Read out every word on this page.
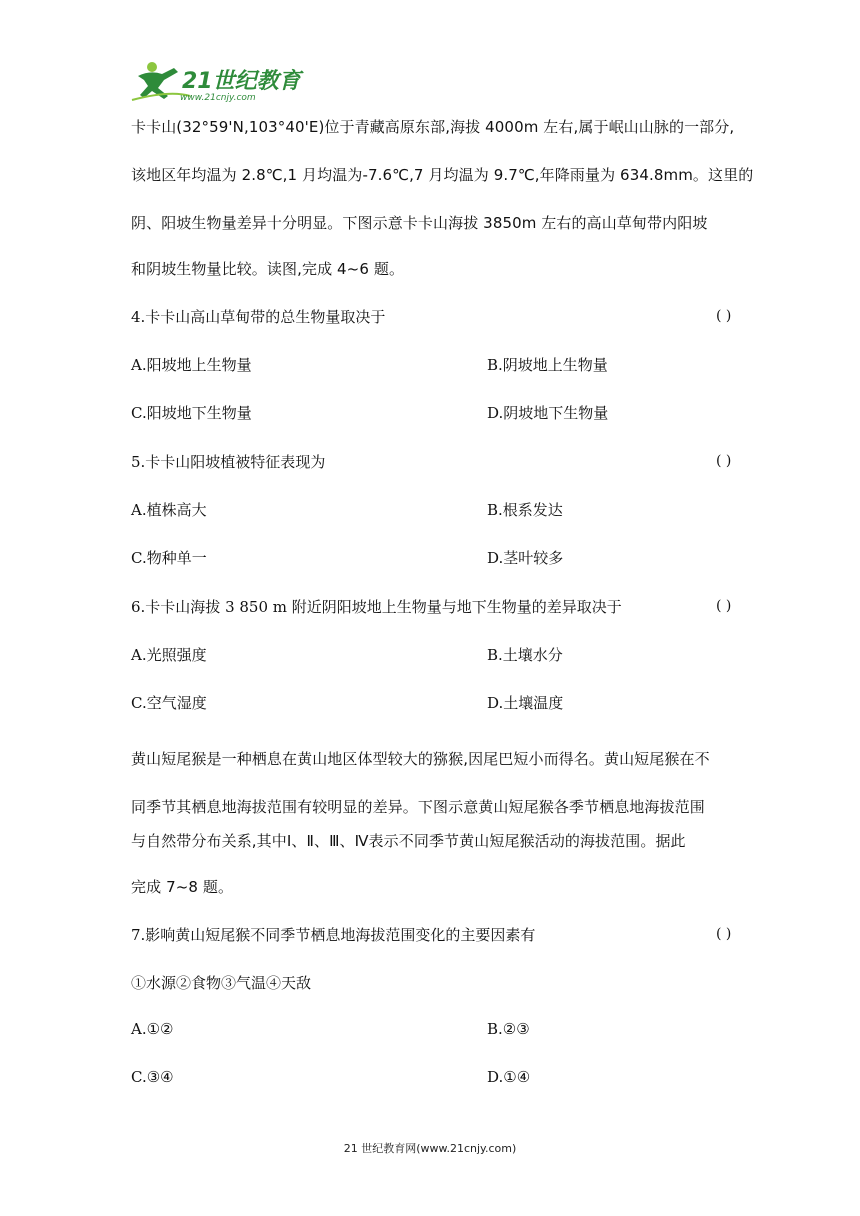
21世纪教育
www.21cnjy.com
卡卡山(32°59'N,103°40'E)位于青藏高原东部,海拔 4000m 左右,属于岷山山脉的一部分,
该地区年均温为 2.8℃,1 月均温为-7.6℃,7 月均温为 9.7℃,年降雨量为 634.8mm。这里的
阴、阳坡生物量差异十分明显。下图示意卡卡山海拔 3850m 左右的高山草甸带内阳坡
和阴坡生物量比较。读图,完成 4~6 题。
4.卡卡山高山草甸带的总生物量取决于	( )
A.阳坡地上生物量	B.阴坡地上生物量
C.阳坡地下生物量	D.阴坡地下生物量
5.卡卡山阳坡植被特征表现为	( )
A.植株高大	B.根系发达
C.物种单一	D.茎叶较多
6.卡卡山海拔 3 850 m 附近阴阳坡地上生物量与地下生物量的差异取决于	( )
A.光照强度	B.土壤水分
C.空气湿度	D.土壤温度
黄山短尾猴是一种栖息在黄山地区体型较大的猕猴,因尾巴短小而得名。黄山短尾猴在不
同季节其栖息地海拔范围有较明显的差异。下图示意黄山短尾猴各季节栖息地海拔范围
与自然带分布关系,其中Ⅰ、Ⅱ、Ⅲ、Ⅳ表示不同季节黄山短尾猴活动的海拔范围。据此
完成 7~8 题。
7.影响黄山短尾猴不同季节栖息地海拔范围变化的主要因素有	( )
①水源②食物③气温④天敌
A.①②	B.②③
C.③④	D.①④
21 世纪教育网(www.21cnjy.com)
